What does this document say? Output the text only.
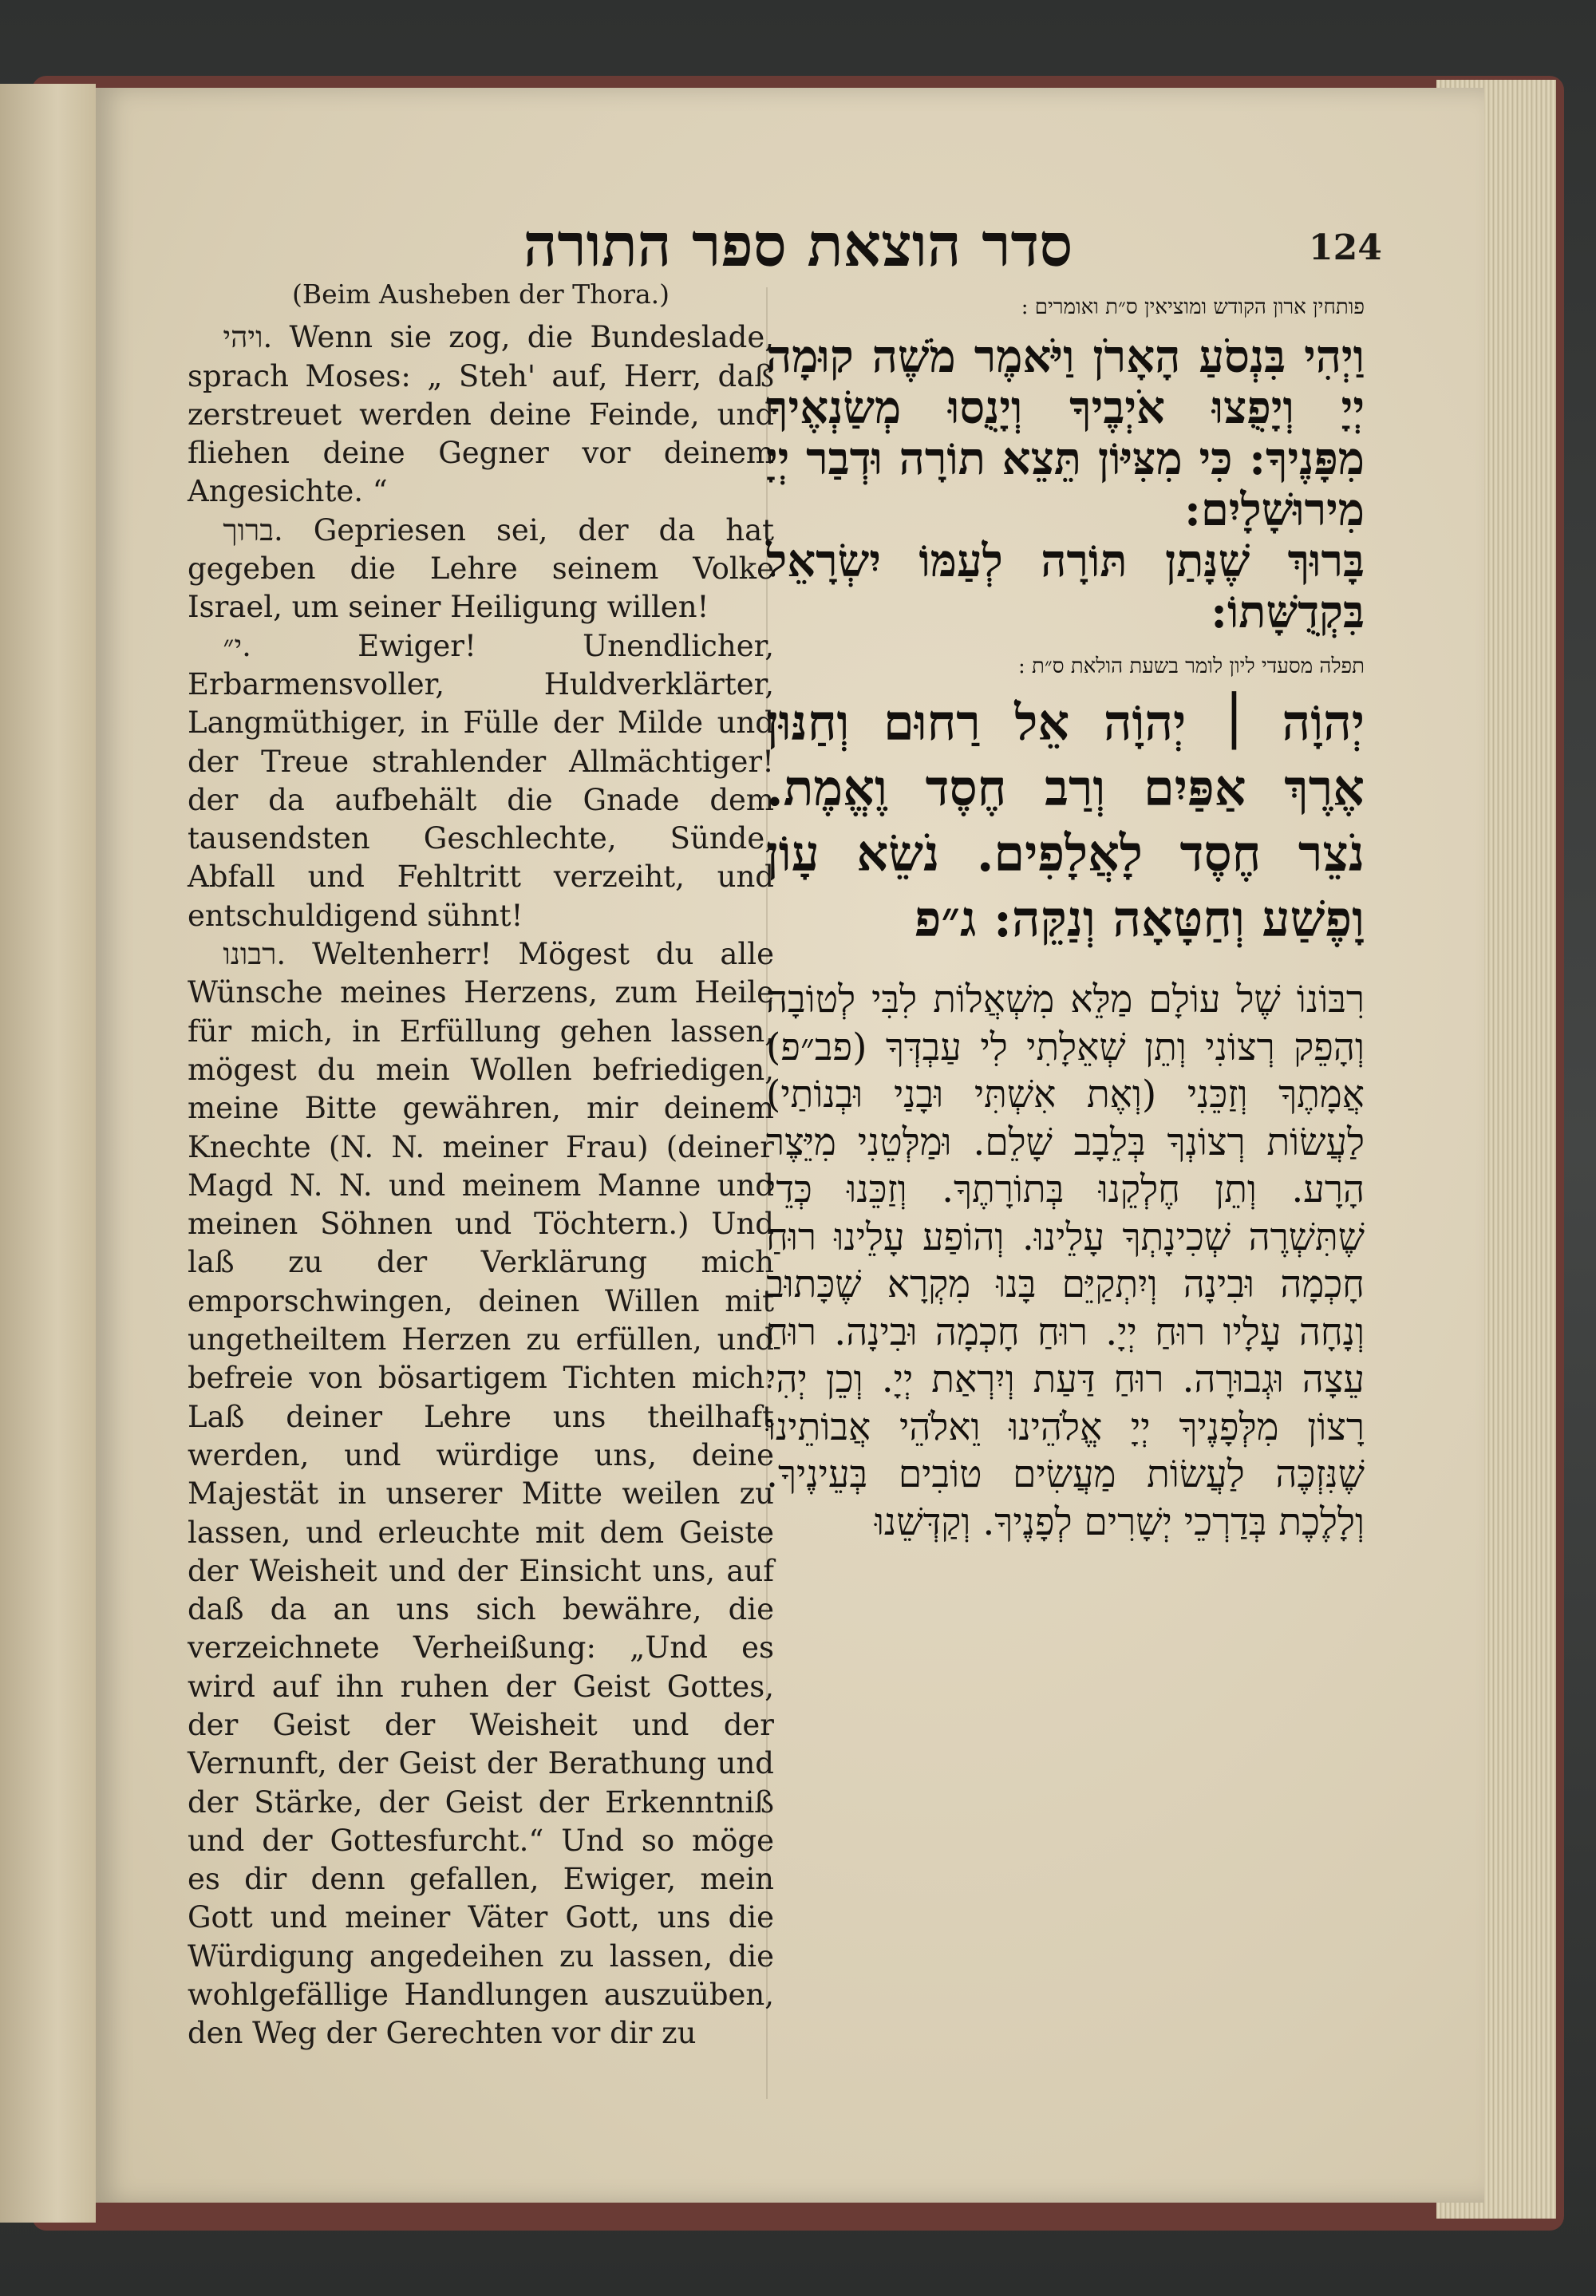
124
סדר הוצאת ספר התורה

(Beim Ausheben der Thora.)

ויהי. Wenn sie zog, die Bundeslade, sprach Moses: „ Steh' auf, Herr, daß zerstreuet werden deine Feinde, und fliehen deine Gegner vor deinem Angesichte. “

ברוך. Gepriesen sei, der da hat gegeben die Lehre seinem Volke Israel, um seiner Heiligung willen!

י״. Ewiger! Unendlicher, Erbarmensvoller, Huldverklärter, Langmüthiger, in Fülle der Milde und der Treue strahlender Allmächtiger! der da aufbehält die Gnade dem tausendsten Geschlechte, Sünde, Abfall und Fehltritt verzeiht, und entschuldigend sühnt!

רבונו. Weltenherr! Mögest du alle Wünsche meines Herzens, zum Heile für mich, in Erfüllung gehen lassen, mögest du mein Wollen befriedigen, meine Bitte gewähren, mir deinem Knechte (N. N. meiner Frau) (deiner Magd N. N. und meinem Manne und meinen Söhnen und Töchtern.) Und laß zu der Verklärung mich emporschwingen, deinen Willen mit ungetheiltem Herzen zu erfüllen, und befreie von bösartigem Tichten mich. Laß deiner Lehre uns theilhaft werden, und würdige uns, deine Majestät in unserer Mitte weilen zu lassen, und erleuchte mit dem Geiste der Weisheit und der Einsicht uns, auf daß da an uns sich bewähre, die verzeichnete Verheißung: „Und es wird auf ihn ruhen der Geist Gottes, der Geist der Weisheit und der Vernunft, der Geist der Berathung und der Stärke, der Geist der Erkenntniß und der Gottesfurcht.“ Und so möge es dir denn gefallen, Ewiger, mein Gott und meiner Väter Gott, uns die Würdigung angedeihen zu lassen, die wohlgefällige Handlungen auszuüben, den Weg der Gerechten vor dir zu

פותחין ארון הקודש ומוציאין ס״ת ואומרים :

וַיְהִי בִּנְסֹעַ הָאָרֹן וַיֹּאמֶר מֹשֶׁה קוּמָה יְיָ וְיָפֻצוּ אֹיְבֶיךָ וְיָנֻסוּ מְשַׂנְאֶיךָ מִפָּנֶיךָ: כִּי מִצִּיּוֹן תֵּצֵא תוֹרָה וּדְבַר יְיָ מִירוּשָׁלָיִם:

בָּרוּךְ שֶׁנָּתַן תּוֹרָה לְעַמּוֹ יִשְׂרָאֵל בִּקְדֻשָּׁתוֹ:

תפלה מסעדי ליון לומר בשעת הולאת ס״ת :

יְהוָֹה ׀ יְהוָֹה אֵל רַחוּם וְחַנּוּן אֶרֶךְ אַפַּיִם וְרַב חֶסֶד וֶאֱמֶת. נֹצֵר חֶסֶד לָאֲלָפִים. נֹשֵׂא עָוֹן וָפֶשַׁע וְחַטָּאָה וְנַקֵּה: ג״פ

רִבּוֹנוֹ שֶׁל עוֹלָם מַלֵּא מִשְׁאֲלוֹת לִבִּי לְטוֹבָה וְהָפֵק רְצוֹנִי וְתֵן שְׁאֵלָתִי לִי עַבְדְּךָ (פב״פ) אֲמָתֶךָ וְזַכֵּנִי (וְאֶת אִשְׁתִּי וּבָנַי וּבְנוֹתַי) לַעֲשׂוֹת רְצוֹנְךָ בְּלֵבָב שָׁלֵם. וּמַלְּטֵנִי מִיֵּצֶר הָרָע. וְתֵן חֶלְקֵנוּ בְּתוֹרָתֶךָ. וְזַכֵּנוּ כְּדֵי שֶׁתִּשְׁרֶה שְׁכִינָתְךָ עָלֵינוּ. וְהוֹפַע עָלֵינוּ רוּחַ חָכְמָה וּבִינָה וְיִתְקַיֵּם בָּנוּ מִקְרָא שֶׁכָּתוּב וְנָחָה עָלָיו רוּחַ יְיָ. רוּחַ חָכְמָה וּבִינָה. רוּחַ עֵצָה וּגְבוּרָה. רוּחַ דַּעַת וְיִרְאַת יְיָ. וְכֵן יְהִי רָצוֹן מִלְּפָנֶיךָ יְיָ אֱלֹהֵינוּ וֵאלֹהֵי אֲבוֹתֵינוּ שֶׁנִּזְכֶּה לַעֲשׂוֹת מַעֲשִׂים טוֹבִים בְּעֵינֶיךָ. וְלָלֶכֶת בְּדַרְכֵי יְשָׁרִים לְפָנֶיךָ. וְקַדְּשֵׁנוּ
